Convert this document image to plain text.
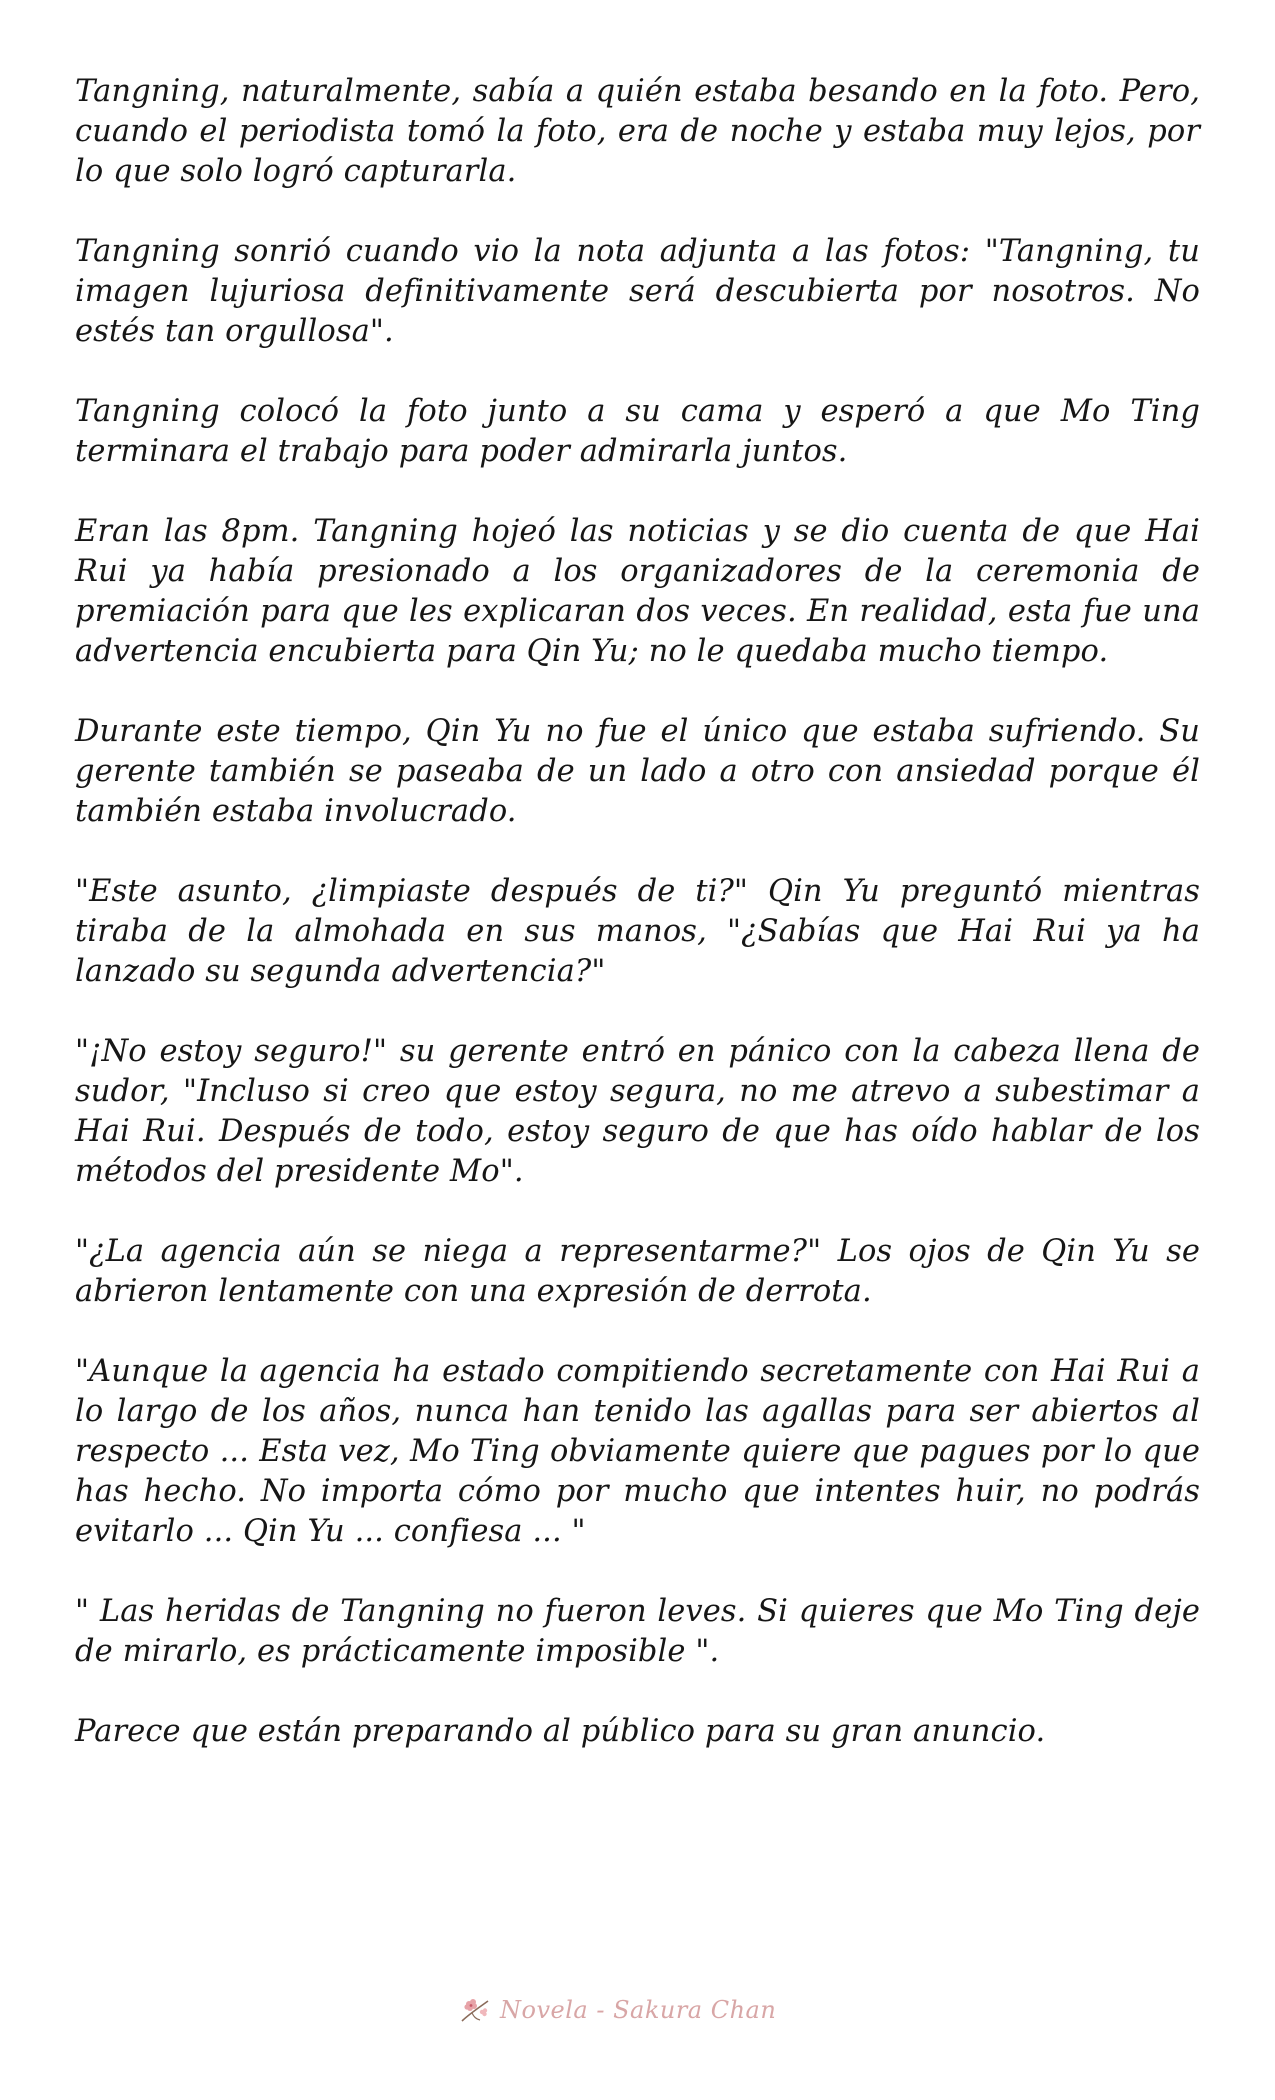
Tangning, naturalmente, sabía a quién estaba besando en la foto. Pero, cuando el periodista tomó la foto, era de noche y estaba muy lejos, por lo que solo logró capturarla.

Tangning sonrió cuando vio la nota adjunta a las fotos: "Tangning, tu imagen lujuriosa definitivamente será descubierta por nosotros. No estés tan orgullosa".

Tangning colocó la foto junto a su cama y esperó a que Mo Ting terminara el trabajo para poder admirarla juntos.

Eran las 8pm. Tangning hojeó las noticias y se dio cuenta de que Hai Rui ya había presionado a los organizadores de la ceremonia de premiación para que les explicaran dos veces. En realidad, esta fue una advertencia encubierta para Qin Yu; no le quedaba mucho tiempo.

Durante este tiempo, Qin Yu no fue el único que estaba sufriendo. Su gerente también se paseaba de un lado a otro con ansiedad porque él también estaba involucrado.

"Este asunto, ¿limpiaste después de ti?" Qin Yu preguntó mientras tiraba de la almohada en sus manos, "¿Sabías que Hai Rui ya ha lanzado su segunda advertencia?"

"¡No estoy seguro!" su gerente entró en pánico con la cabeza llena de sudor, "Incluso si creo que estoy segura, no me atrevo a subestimar a Hai Rui. Después de todo, estoy seguro de que has oído hablar de los métodos del presidente Mo".

"¿La agencia aún se niega a representarme?" Los ojos de Qin Yu se abrieron lentamente con una expresión de derrota.

"Aunque la agencia ha estado compitiendo secretamente con Hai Rui a lo largo de los años, nunca han tenido las agallas para ser abiertos al respecto ... Esta vez, Mo Ting obviamente quiere que pagues por lo que has hecho. No importa cómo por mucho que intentes huir, no podrás evitarlo ... Qin Yu ... confiesa ... "

" Las heridas de Tangning no fueron leves. Si quieres que Mo Ting deje de mirarlo, es prácticamente imposible ".

Parece que están preparando al público para su gran anuncio.

Novela - Sakura Chan
